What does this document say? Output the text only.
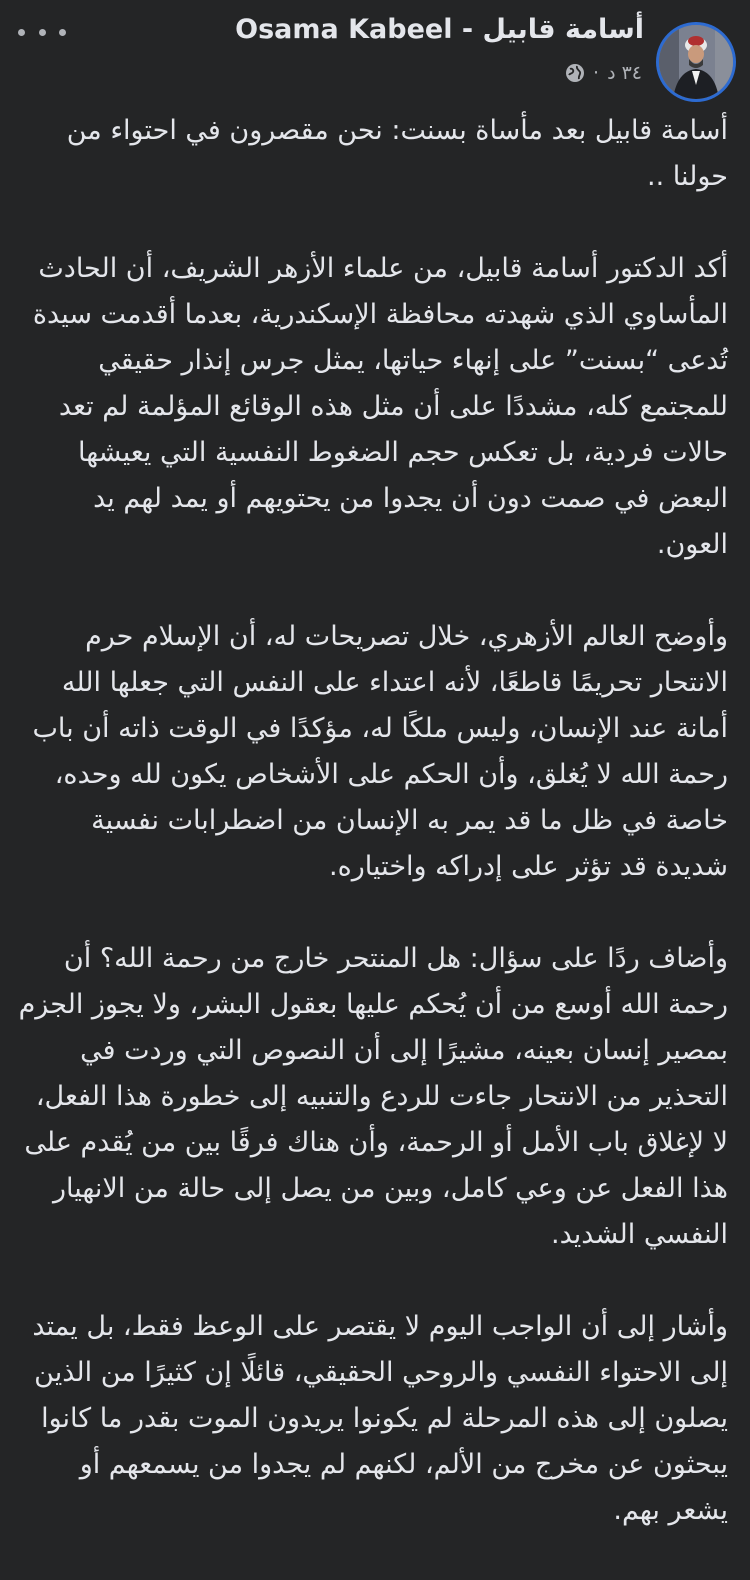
Osama Kabeel - أسامة قابيل
· ٣٤ د

أسامة قابيل بعد مأساة بسنت: نحن مقصرون في احتواء من حولنا ..

أكد الدكتور أسامة قابيل، من علماء الأزهر الشريف، أن الحادث المأساوي الذي شهدته محافظة الإسكندرية، بعدما أقدمت سيدة تُدعى “بسنت” على إنهاء حياتها، يمثل جرس إنذار حقيقي للمجتمع كله، مشددًا على أن مثل هذه الوقائع المؤلمة لم تعد حالات فردية، بل تعكس حجم الضغوط النفسية التي يعيشها البعض في صمت دون أن يجدوا من يحتويهم أو يمد لهم يد العون.

وأوضح العالم الأزهري، خلال تصريحات له، أن الإسلام حرم الانتحار تحريمًا قاطعًا، لأنه اعتداء على النفس التي جعلها الله أمانة عند الإنسان، وليس ملكًا له، مؤكدًا في الوقت ذاته أن باب رحمة الله لا يُغلق، وأن الحكم على الأشخاص يكون لله وحده، خاصة في ظل ما قد يمر به الإنسان من اضطرابات نفسية شديدة قد تؤثر على إدراكه واختياره.

وأضاف ردًا على سؤال: هل المنتحر خارج من رحمة الله؟ أن رحمة الله أوسع من أن يُحكم عليها بعقول البشر، ولا يجوز الجزم بمصير إنسان بعينه، مشيرًا إلى أن النصوص التي وردت في التحذير من الانتحار جاءت للردع والتنبيه إلى خطورة هذا الفعل، لا لإغلاق باب الأمل أو الرحمة، وأن هناك فرقًا بين من يُقدم على هذا الفعل عن وعي كامل، وبين من يصل إلى حالة من الانهيار النفسي الشديد.

وأشار إلى أن الواجب اليوم لا يقتصر على الوعظ فقط، بل يمتد إلى الاحتواء النفسي والروحي الحقيقي، قائلًا إن كثيرًا من الذين يصلون إلى هذه المرحلة لم يكونوا يريدون الموت بقدر ما كانوا يبحثون عن مخرج من الألم، لكنهم لم يجدوا من يسمعهم أو يشعر بهم.
